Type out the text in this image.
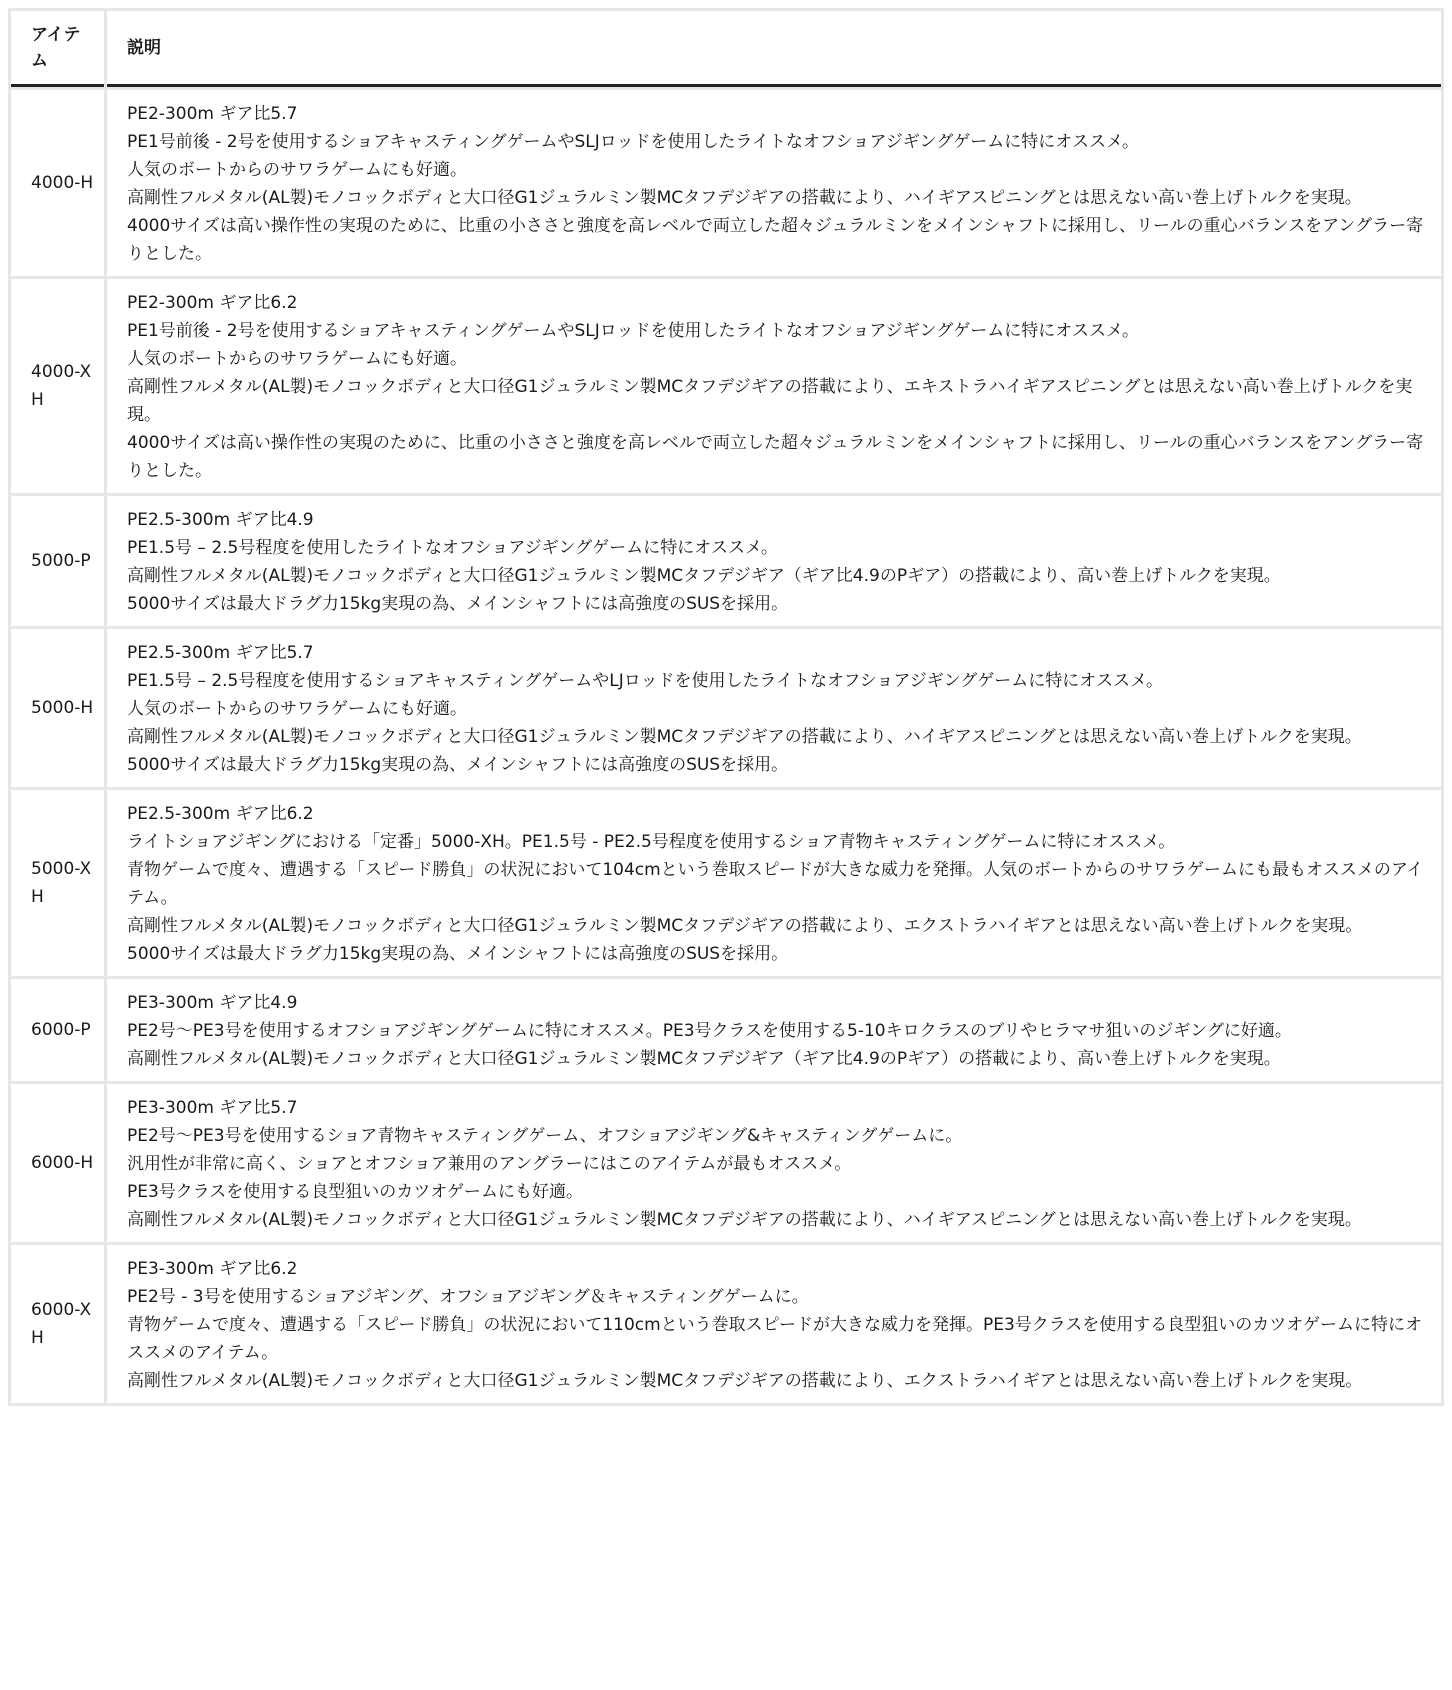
アイテム	説明
4000-H	PE2-300m ギア比5.7
PE1号前後 - 2号を使用するショアキャスティングゲームやSLJロッドを使用したライトなオフショアジギングゲームに特にオススメ。
人気のボートからのサワラゲームにも好適。
高剛性フルメタル(AL製)モノコックボディと大口径G1ジュラルミン製MCタフデジギアの搭載により、ハイギアスピニングとは思えない高い巻上げトルクを実現。
4000サイズは高い操作性の実現のために、比重の小ささと強度を高レベルで両立した超々ジュラルミンをメインシャフトに採用し、リールの重心バランスをアングラー寄りとした。

4000-XH	PE2-300m ギア比6.2
PE1号前後 - 2号を使用するショアキャスティングゲームやSLJロッドを使用したライトなオフショアジギングゲームに特にオススメ。
人気のボートからのサワラゲームにも好適。
高剛性フルメタル(AL製)モノコックボディと大口径G1ジュラルミン製MCタフデジギアの搭載により、エキストラハイギアスピニングとは思えない高い巻上げトルクを実現。
4000サイズは高い操作性の実現のために、比重の小ささと強度を高レベルで両立した超々ジュラルミンをメインシャフトに採用し、リールの重心バランスをアングラー寄りとした。

5000-P	PE2.5-300m ギア比4.9
PE1.5号 – 2.5号程度を使用したライトなオフショアジギングゲームに特にオススメ。
高剛性フルメタル(AL製)モノコックボディと大口径G1ジュラルミン製MCタフデジギア（ギア比4.9のPギア）の搭載により、高い巻上げトルクを実現。
5000サイズは最大ドラグ力15kg実現の為、メインシャフトには高強度のSUSを採用。

5000-H	PE2.5-300m ギア比5.7
PE1.5号 – 2.5号程度を使用するショアキャスティングゲームやLJロッドを使用したライトなオフショアジギングゲームに特にオススメ。
人気のボートからのサワラゲームにも好適。
高剛性フルメタル(AL製)モノコックボディと大口径G1ジュラルミン製MCタフデジギアの搭載により、ハイギアスピニングとは思えない高い巻上げトルクを実現。
5000サイズは最大ドラグ力15kg実現の為、メインシャフトには高強度のSUSを採用。

5000-XH	PE2.5-300m ギア比6.2
ライトショアジギングにおける「定番」5000-XH。PE1.5号 - PE2.5号程度を使用するショア青物キャスティングゲームに特にオススメ。
青物ゲームで度々、遭遇する「スピード勝負」の状況において104cmという巻取スピードが大きな威力を発揮。人気のボートからのサワラゲームにも最もオススメのアイテム。
高剛性フルメタル(AL製)モノコックボディと大口径G1ジュラルミン製MCタフデジギアの搭載により、エクストラハイギアとは思えない高い巻上げトルクを実現。
5000サイズは最大ドラグ力15kg実現の為、メインシャフトには高強度のSUSを採用。

6000-P	PE3-300m ギア比4.9
PE2号～PE3号を使用するオフショアジギングゲームに特にオススメ。PE3号クラスを使用する5-10キロクラスのブリやヒラマサ狙いのジギングに好適。
高剛性フルメタル(AL製)モノコックボディと大口径G1ジュラルミン製MCタフデジギア（ギア比4.9のPギア）の搭載により、高い巻上げトルクを実現。

6000-H	PE3-300m ギア比5.7
PE2号～PE3号を使用するショア青物キャスティングゲーム、オフショアジギング&キャスティングゲームに。
汎用性が非常に高く、ショアとオフショア兼用のアングラーにはこのアイテムが最もオススメ。
PE3号クラスを使用する良型狙いのカツオゲームにも好適。
高剛性フルメタル(AL製)モノコックボディと大口径G1ジュラルミン製MCタフデジギアの搭載により、ハイギアスピニングとは思えない高い巻上げトルクを実現。

6000-XH	PE3-300m ギア比6.2
PE2号 - 3号を使用するショアジギング、オフショアジギング＆キャスティングゲームに。
青物ゲームで度々、遭遇する「スピード勝負」の状況において110cmという巻取スピードが大きな威力を発揮。PE3号クラスを使用する良型狙いのカツオゲームに特にオススメのアイテム。
高剛性フルメタル(AL製)モノコックボディと大口径G1ジュラルミン製MCタフデジギアの搭載により、エクストラハイギアとは思えない高い巻上げトルクを実現。
